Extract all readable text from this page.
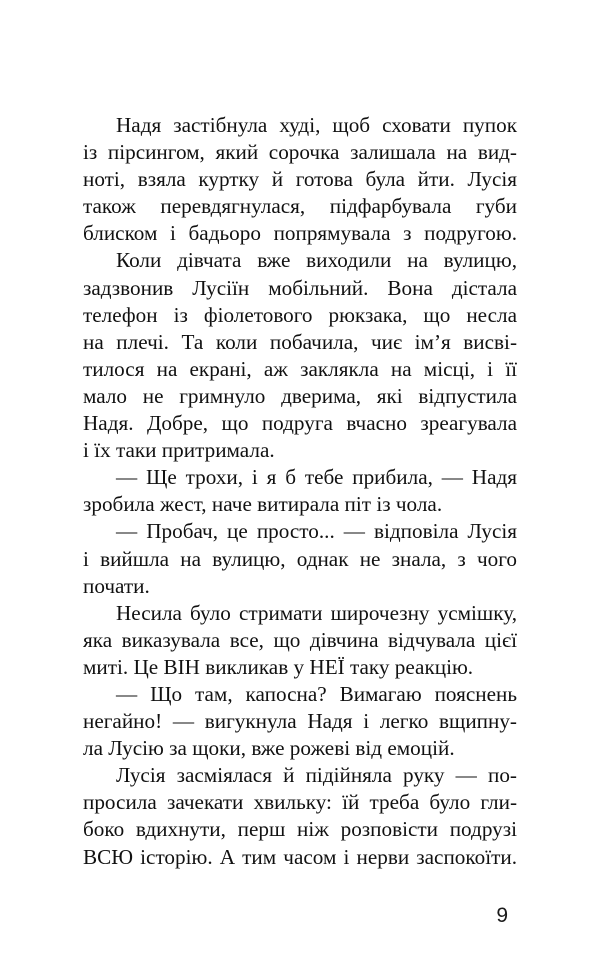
Надя застібнула худі, щоб сховати пупок
із пірсингом, який сорочка залишала на вид-
ноті, взяла куртку й готова була йти. Лусія
також перевдягнулася, підфарбувала губи
блиском і бадьоро попрямувала з подругою.
Коли дівчата вже виходили на вулицю,
задзвонив Лусіїн мобільний. Вона дістала
телефон із фіолетового рюкзака, що несла
на плечі. Та коли побачила, чиє ім’я висві-
тилося на екрані, аж заклякла на місці, і її
мало не гримнуло дверима, які відпустила
Надя. Добре, що подруга вчасно зреагувала
і їх таки притримала.
— Ще трохи, і я б тебе прибила, — Надя
зробила жест, наче витирала піт із чола.
— Пробач, це просто... — відповіла Лусія
і вийшла на вулицю, однак не знала, з чого
почати.
Несила було стримати широчезну усмішку,
яка виказувала все, що дівчина відчувала цієї
миті. Це ВІН викликав у НЕЇ таку реакцію.
— Що там, капосна? Вимагаю пояснень
негайно! — вигукнула Надя і легко вщипну-
ла Лусію за щоки, вже рожеві від емоцій.
Лусія засміялася й підійняла руку — по-
просила зачекати хвильку: їй треба було гли-
боко вдихнути, перш ніж розповісти подрузі
ВСЮ історію. А тим часом і нерви заспокоїти.
9
